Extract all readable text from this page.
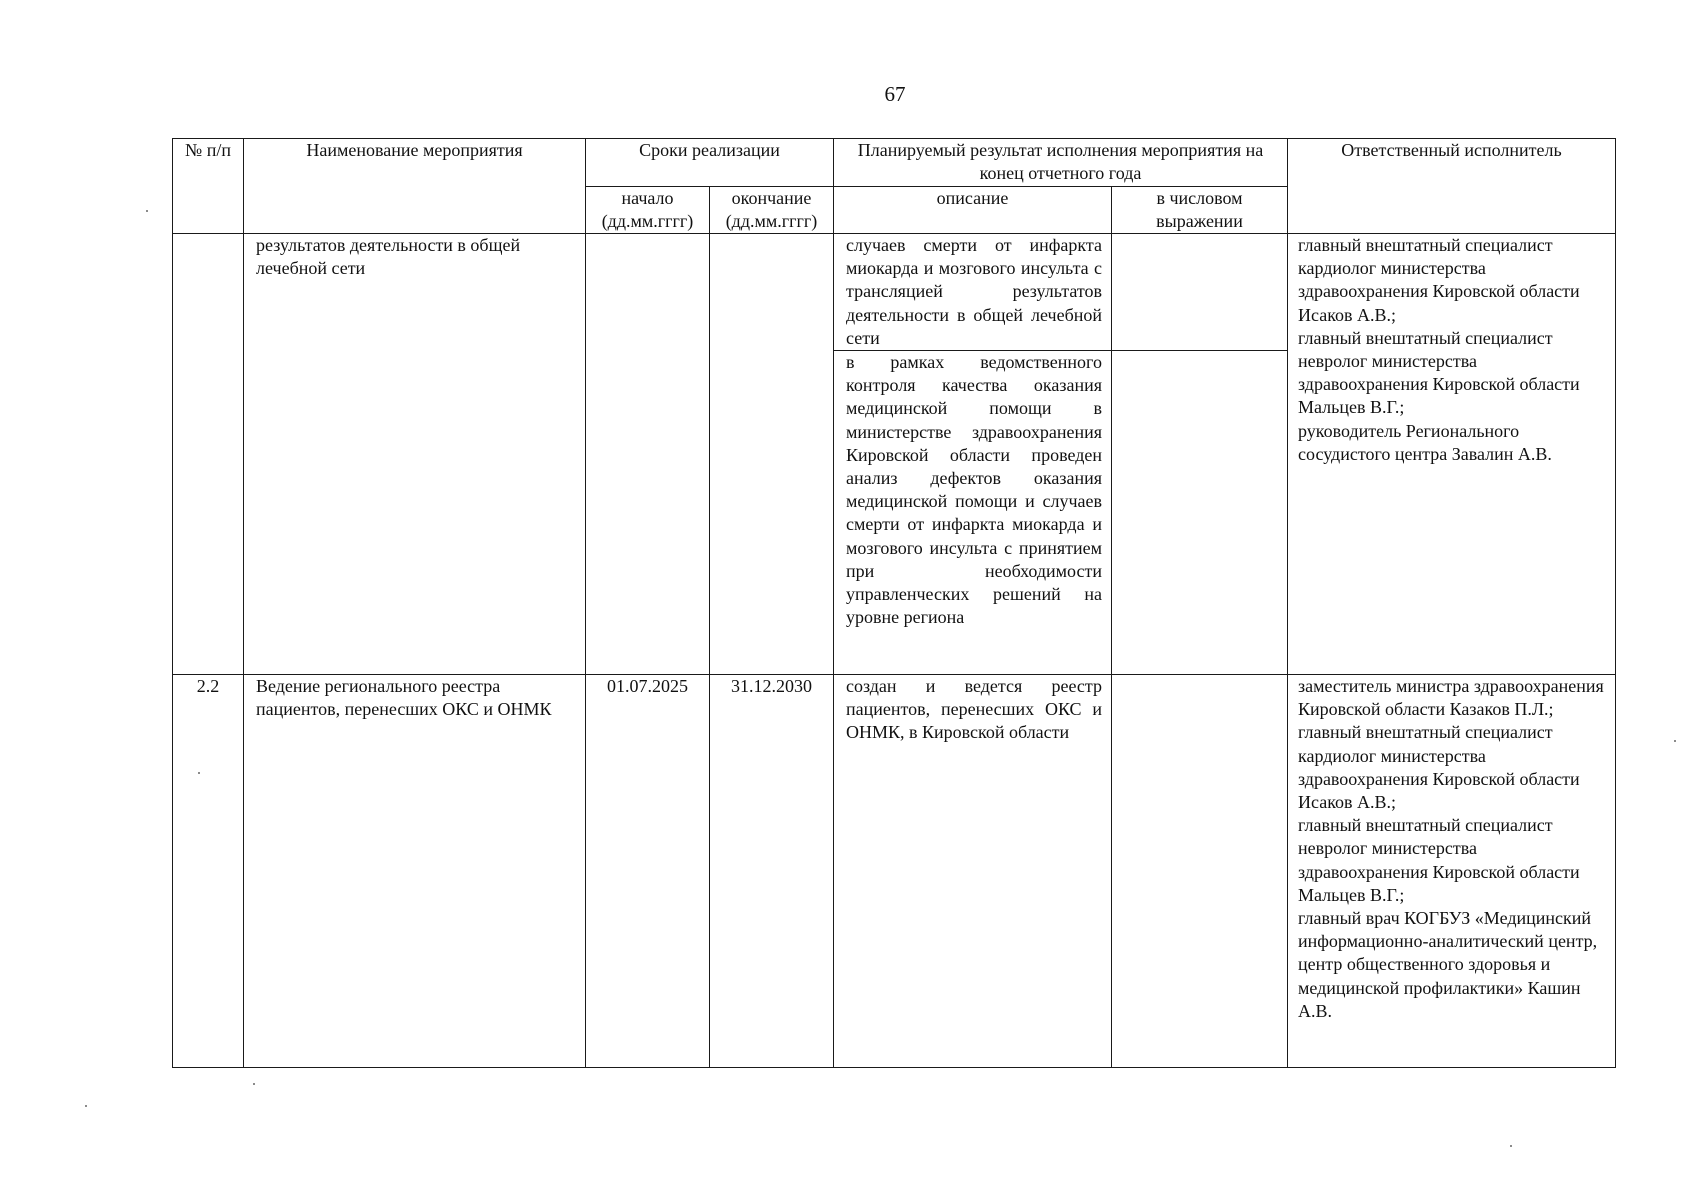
67
№ п/п	Наименование мероприятия	Сроки реализации		Планируемый результат исполнения мероприятия на конец отчетного года		Ответственный исполнитель
		начало (дд.мм.гггг)	окончание (дд.мм.гггг)	описание	в числовом выражении	
	результатов деятельности в общей лечебной сети			случаев смерти от инфаркта миокарда и мозгового инсульта с трансляцией результатов деятельности в общей лечебной сети		главный внештатный специалист кардиолог министерства здравоохранения Кировской области Исаков А.В.;
главный внештатный специалист невролог министерства здравоохранения Кировской области Мальцев В.Г.;
руководитель Регионального сосудистого центра Завалин А.В.

				в рамках ведомственного контроля качества оказания медицинской помощи в министерстве здравоохранения Кировской области проведен анализ дефектов оказания медицинской помощи и случаев смерти от инфаркта миокарда и мозгового инсульта с принятием при необходимости управленческих решений на уровне региона		
2.2	Ведение регионального реестра пациентов, перенесших ОКС и ОНМК	01.07.2025	31.12.2030	создан и ведется реестр пациентов, перенесших ОКС и ОНМК, в Кировской области		заместитель министра здравоохранения Кировской области Казаков П.Л.;
главный внештатный специалист кардиолог министерства здравоохранения Кировской области Исаков А.В.;
главный внештатный специалист невролог министерства здравоохранения Кировской области Мальцев В.Г.;
главный врач КОГБУЗ «Медицинский информационно-аналитический центр, центр общественного здоровья и медицинской профилактики» Кашин А.В.
